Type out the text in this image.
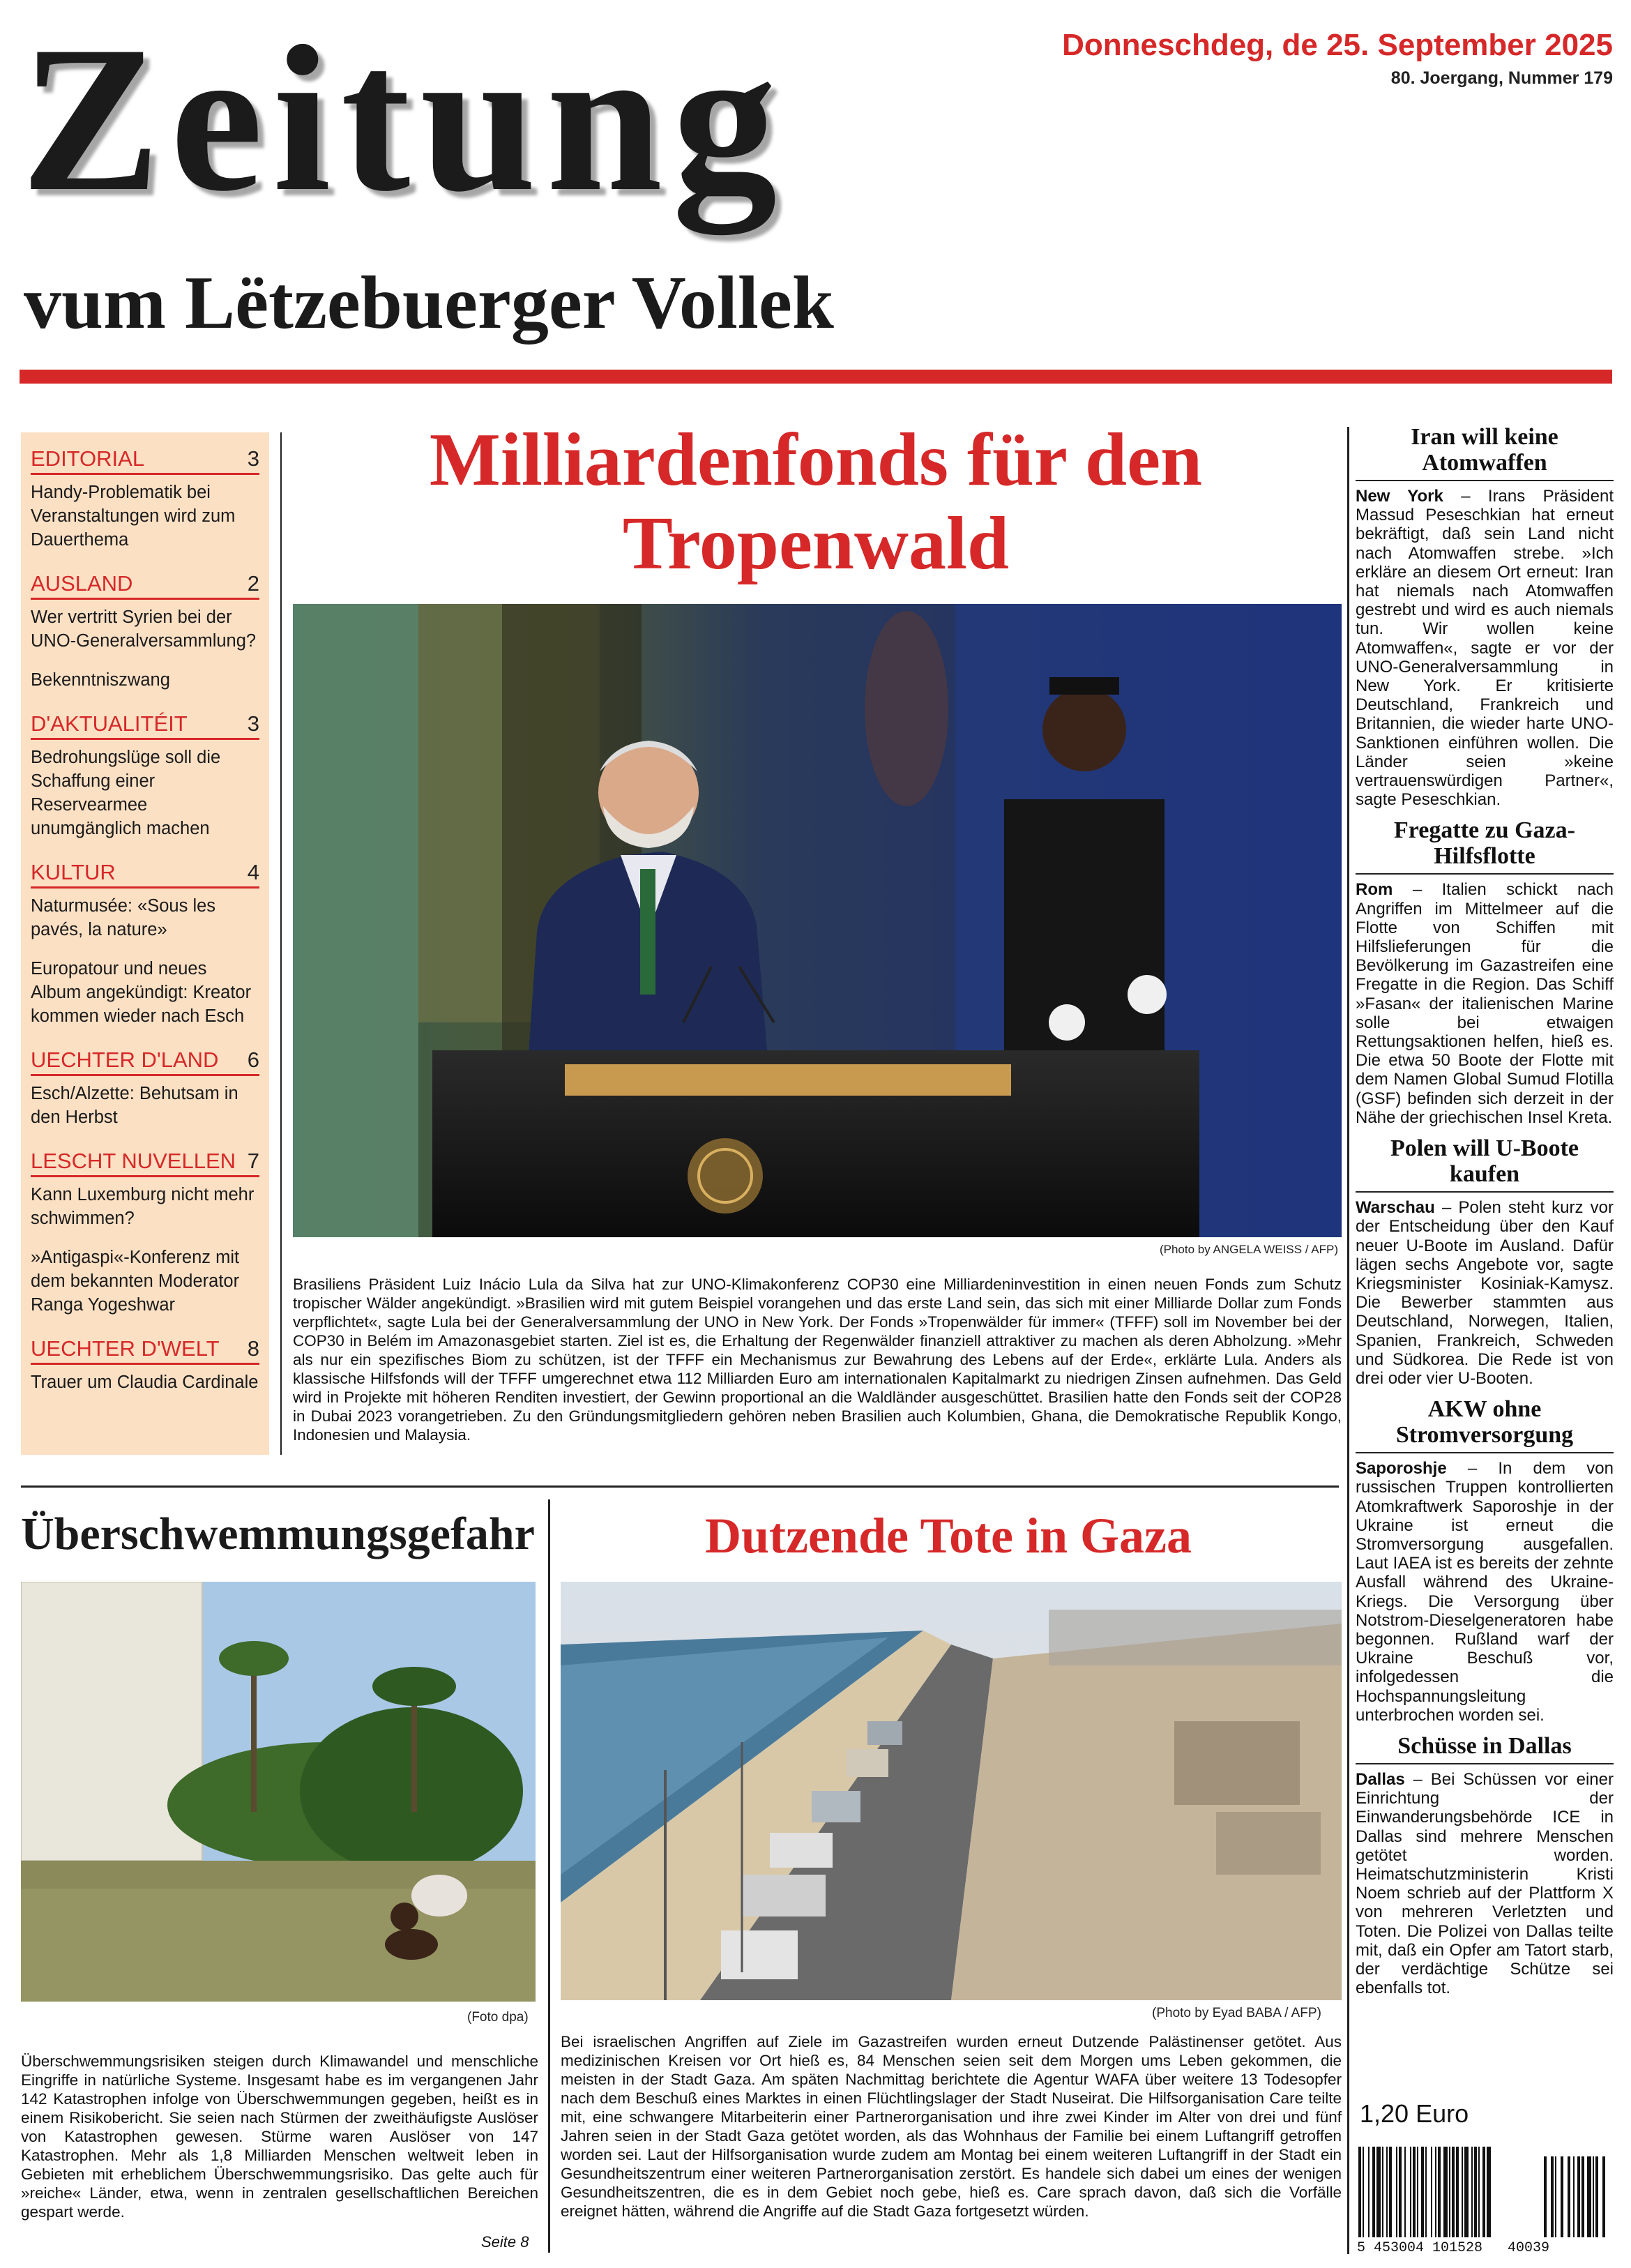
Zeitung
vum Lëtzebuerger Vollek
Donneschdeg, de 25. September 2025
80. Joergang, Nummer 179
EDITORIAL	3
Handy-Problematik bei Veranstaltungen wird zum Dauerthema
AUSLAND	2
Wer vertritt Syrien bei der UNO-Generalversammlung?
Bekenntniszwang
D'AKTUALITÉIT	3
Bedrohungslüge soll die Schaffung einer Reservearmee unumgänglich machen
KULTUR	4
Naturmusée: «Sous les pavés, la nature»
Europatour und neues Album angekündigt: Kreator kommen wieder nach Esch
UECHTER D'LAND 6
Esch/Alzette: Behutsam in den Herbst
LESCHT NUVELLEN 7
Kann Luxemburg nicht mehr schwimmen?
»Antigaspi«-Konferenz mit dem bekannten Moderator Ranga Yogeshwar
UECHTER D'WELT 8
Trauer um Claudia Cardinale
Milliardenfonds für den Tropenwald
(Photo by ANGELA WEISS / AFP)

Brasiliens Präsident Luiz Inácio Lula da Silva hat zur UNO-Klimakonferenz COP30 eine Milliardeninvestition in einen neuen Fonds zum Schutz tropischer Wälder angekündigt. »Brasilien wird mit gutem Beispiel vorangehen und das erste Land sein, das sich mit einer Milliarde Dollar zum Fonds verpflichtet«, sagte Lula bei der Generalversammlung der UNO in New York. Der Fonds »Tropenwälder für immer« (TFFF) soll im November bei der COP30 in Belém im Amazonasgebiet starten. Ziel ist es, die Erhaltung der Regenwälder finanziell attraktiver zu machen als deren Abholzung. »Mehr als nur ein spezifisches Biom zu schützen, ist der TFFF ein Mechanismus zur Bewahrung des Lebens auf der Erde«, erklärte Lula. Anders als klassische Hilfsfonds will der TFFF umgerechnet etwa 112 Milliarden Euro am internationalen Kapitalmarkt zu niedrigen Zinsen aufnehmen. Das Geld wird in Projekte mit höheren Renditen investiert, der Gewinn proportional an die Waldländer ausgeschüttet. Brasilien hatte den Fonds seit der COP28 in Dubai 2023 vorangetrieben. Zu den Gründungsmitgliedern gehören neben Brasilien auch Kolumbien, Ghana, die Demokratische Republik Kongo, Indonesien und Malaysia.

Überschwemmungsgefahr
(Foto dpa)

Überschwemmungsrisiken steigen durch Klimawandel und menschliche Eingriffe in natürliche Systeme. Insgesamt habe es im vergangenen Jahr 142 Katastrophen infolge von Überschwemmungen gegeben, heißt es in einem Risikobericht. Sie seien nach Stürmen der zweithäufigste Auslöser von Katastrophen gewesen. Stürme waren Auslöser von 147 Katastrophen. Mehr als 1,8 Milliarden Menschen weltweit leben in Gebieten mit erheblichem Überschwemmungsrisiko. Das gelte auch für »reiche« Länder, etwa, wenn in zentralen gesellschaftlichen Bereichen gespart werde.

Seite 8
Dutzende Tote in Gaza
(Photo by Eyad BABA / AFP)

Bei israelischen Angriffen auf Ziele im Gazastreifen wurden erneut Dutzende Palästinenser getötet. Aus medizinischen Kreisen vor Ort hieß es, 84 Menschen seien seit dem Morgen ums Leben gekommen, die meisten in der Stadt Gaza. Am späten Nachmittag berichtete die Agentur WAFA über weitere 13 Todesopfer nach dem Beschuß eines Marktes in einen Flüchtlingslager der Stadt Nuseirat. Die Hilfsorganisation Care teilte mit, eine schwangere Mitarbeiterin einer Partnerorganisation und ihre zwei Kinder im Alter von drei und fünf Jahren seien in der Stadt Gaza getötet worden, als das Wohnhaus der Familie bei einem Luftangriff getroffen worden sei. Laut der Hilfsorganisation wurde zudem am Montag bei einem weiteren Luftangriff in der Stadt ein Gesundheitszentrum einer weiteren Partnerorganisation zerstört. Es handele sich dabei um eines der wenigen Gesundheitszentren, die es in dem Gebiet noch gebe, hieß es. Care sprach davon, daß sich die Vorfälle ereignet hätten, während die Angriffe auf die Stadt Gaza fortgesetzt würden.

Iran will keine Atomwaffen

New York – Irans Präsident Massud Peseschkian hat erneut bekräftigt, daß sein Land nicht nach Atomwaffen strebe. »Ich erkläre an diesem Ort erneut: Iran hat niemals nach Atomwaffen gestrebt und wird es auch niemals tun. Wir wollen keine Atomwaffen«, sagte er vor der UNO-Generalversammlung in New York. Er kritisierte Deutschland, Frankreich und Britannien, die wieder harte UNO-Sanktionen einführen wollen. Die Länder seien »keine vertrauenswürdigen Partner«, sagte Peseschkian.

Fregatte zu Gaza-Hilfsflotte

Rom – Italien schickt nach Angriffen im Mittelmeer auf die Flotte von Schiffen mit Hilfslieferungen für die Bevölkerung im Gazastreifen eine Fregatte in die Region. Das Schiff »Fasan« der italienischen Marine solle bei etwaigen Rettungsaktionen helfen, hieß es. Die etwa 50 Boote der Flotte mit dem Namen Global Sumud Flotilla (GSF) befinden sich derzeit in der Nähe der griechischen Insel Kreta.

Polen will U-Boote kaufen

Warschau – Polen steht kurz vor der Entscheidung über den Kauf neuer U-Boote im Ausland. Dafür lägen sechs Angebote vor, sagte Kriegsminister Kosiniak-Kamysz. Die Bewerber stammten aus Deutschland, Norwegen, Italien, Spanien, Frankreich, Schweden und Südkorea. Die Rede ist von drei oder vier U-Booten.

AKW ohne Stromversorgung

Saporoshje – In dem von russischen Truppen kontrollierten Atomkraftwerk Saporoshje in der Ukraine ist erneut die Stromversorgung ausgefallen. Laut IAEA ist es bereits der zehnte Ausfall während des Ukraine-Kriegs. Die Versorgung über Notstrom-Dieselgeneratoren habe begonnen. Rußland warf der Ukraine Beschuß vor, infolgedessen die Hochspannungsleitung unterbrochen worden sei.

Schüsse in Dallas

Dallas – Bei Schüssen vor einer Einrichtung der Einwanderungsbehörde ICE in Dallas sind mehrere Menschen getötet worden. Heimatschutzministerin Kristi Noem schrieb auf der Plattform X von mehreren Verletzten und Toten. Die Polizei von Dallas teilte mit, daß ein Opfer am Tatort starb, der verdächtige Schütze sei ebenfalls tot.

1,20 Euro
5 453004 101528 40039
